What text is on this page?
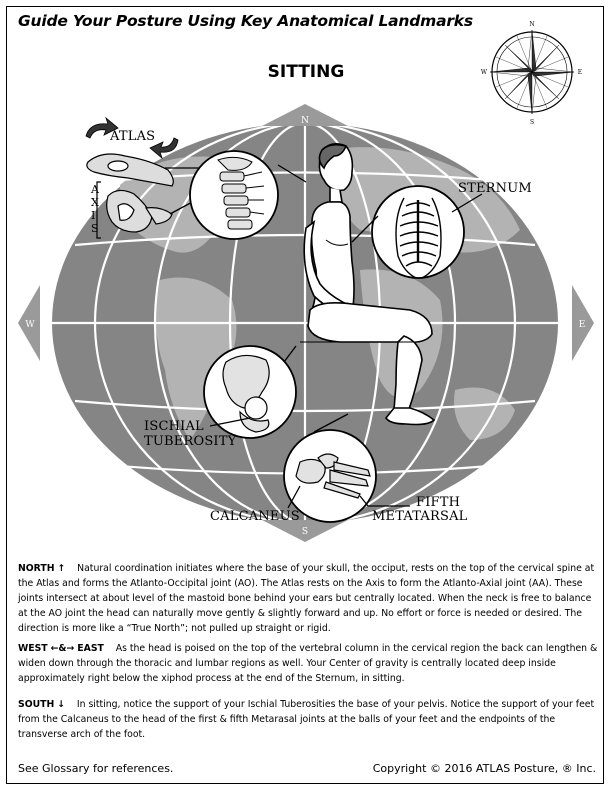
Guide Your Posture Using Key Anatomical Landmarks
SITTING
N
E
S
W
N
E
S
W
ATLAS
A
X
I
S
STERNUM
ISCHIAL
TUBEROSITY
CALCANEUS
FIFTH
METATARSAL
NORTH ↑ Natural coordination initiates where the base of your skull, the occiput, rests on the top of the cervical spine at the Atlas and forms the Atlanto-Occipital joint (AO). The Atlas rests on the Axis to form the Atlanto-Axial joint (AA). These joints intersect at about level of the mastoid bone behind your ears but centrally located. When the neck is free to balance at the AO joint the head can naturally move gently & slightly forward and up. No effort or force is needed or desired. The direction is more like a “True North”; not pulled up straight or rigid.
WEST ←&→ EAST As the head is poised on the top of the vertebral column in the cervical region the back can lengthen & widen down through the thoracic and lumbar regions as well. Your Center of gravity is centrally located deep inside approximately right below the xiphod process at the end of the Sternum, in sitting.
SOUTH ↓ In sitting, notice the support of your Ischial Tuberosities the base of your pelvis. Notice the support of your feet from the Calcaneus to the head of the first & fifth Metarasal joints at the balls of your feet and the endpoints of the transverse arch of the foot.
See Glossary for references.	Copyright © 2016 ATLAS Posture, ® Inc.
